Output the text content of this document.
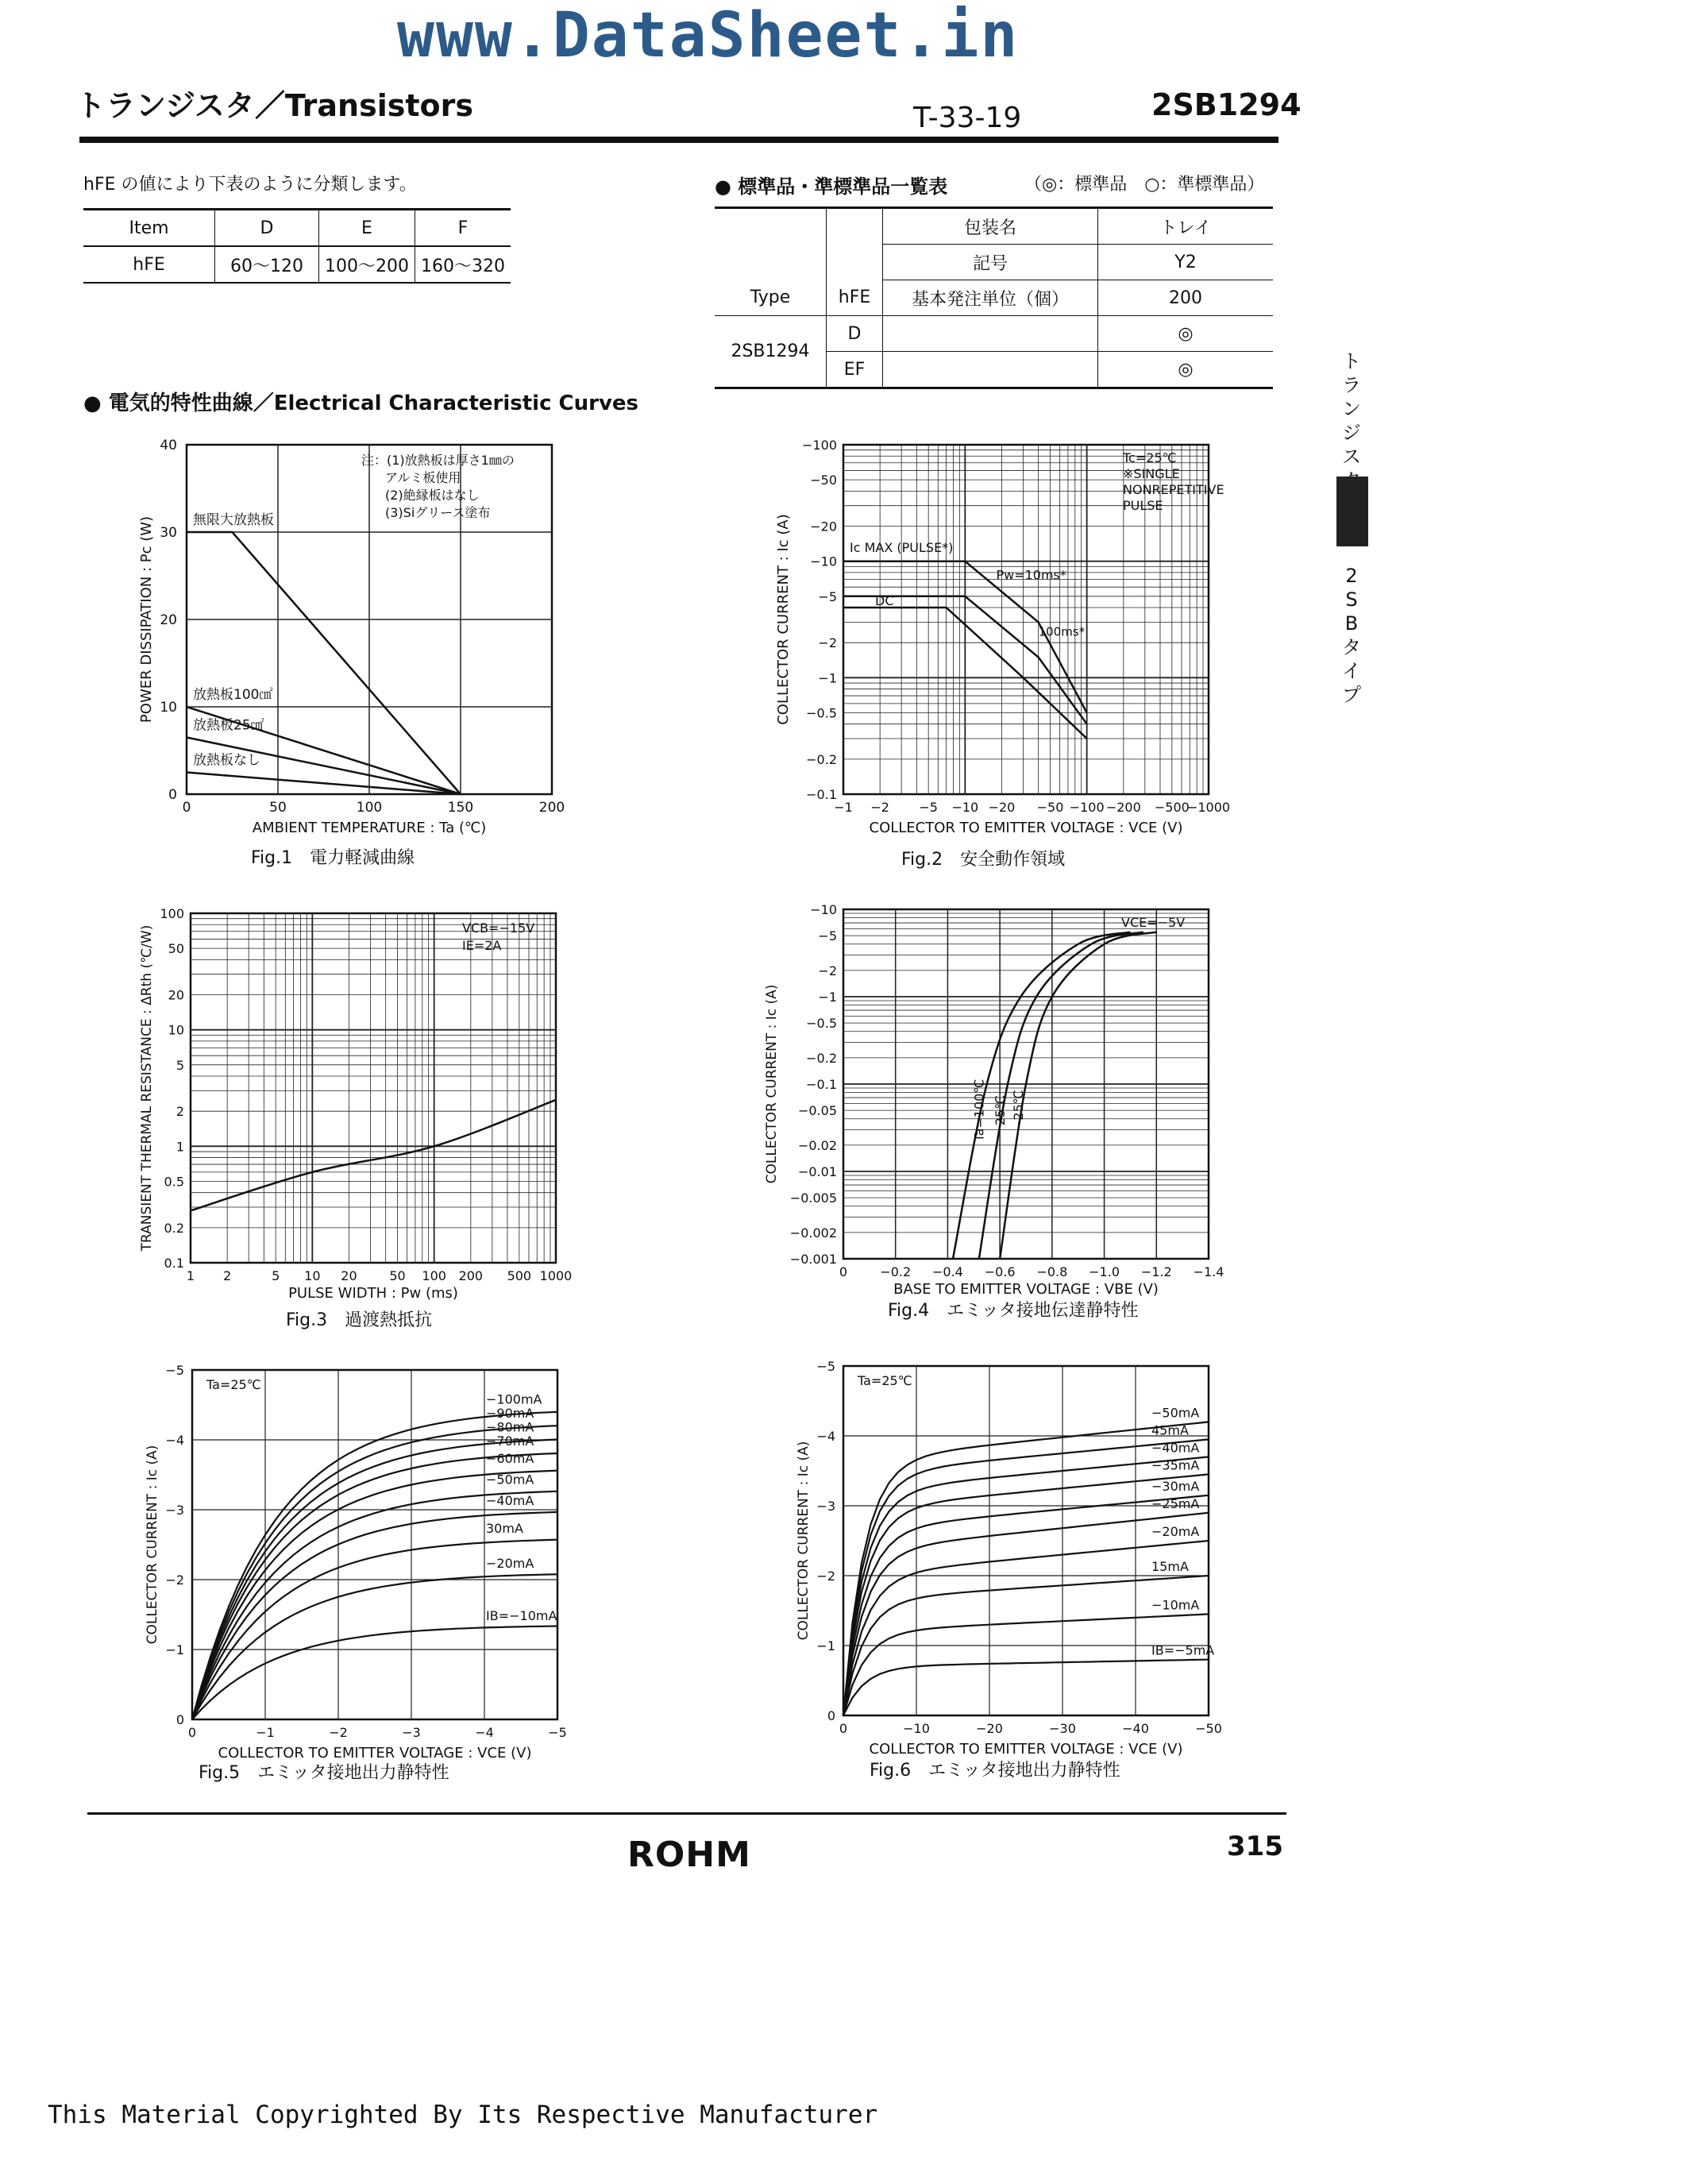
www.DataSheet.in
トランジスタ／Transistors	T-33-19	2SB1294
hFE の値により下表のように分類します。
Item	D	E	F
hFE	60～120	100～200	160～320
● 標準品・準標準品一覧表	（◎：標準品　○：準標準品）
		包装名	トレイ
		記号	Y2
Type	hFE	基本発注単位（個）	200
2SB1294	D		◎
	EF		◎	ト
ラ
ン
ジ
ス
2
S
B
タ
イ
プ
● 電気的特性曲線／Electrical Characteristic Curves
0	50	100	150	200
0
10
20
30
40
AMBIENT TEMPERATURE : Ta (℃)
POWER DISSIPATION : Pc (W)	無限大放熱板
放熱板100㎠
放熱板25㎠
放熱板なし
注：(1)放熱板は厚さ1㎜の
アルミ板使用
(2)絶縁板はなし
(3)Siグリース塗布
−1 −2 −5 −10 −20 −50 −100 −200 −500
−1000
−0.1
−0.2
−0.5
−1
−2
−5
−10
−20
−50
−100
COLLECTOR TO EMITTER VOLTAGE : VCE (V)
COLLECTOR CURRENT : Ic (A)
Tc=25℃
※SINGLE
NONREPETITIVE
PULSE
Ic MAX (PULSE*)
Pw=10ms*
DC
100ms*
1 2	5 10 20	50 100 200 500 1000
0.1
0.2
0.5
1
2
5
10
20
50
100
PULSE WIDTH : Pw (ms)
TRANSIENT THERMAL RESISTANCE : ΔRth (℃/W)	VCB=−15V
IE=2A
0	−0.2 −0.4 −0.6 −0.8 −1.0 −1.2 −1.4
−0.001
−0.002
−0.005
−0.01
−0.02
−0.05
−0.1
−0.2
−0.5
−1
−2
−5
−10
BASE TO EMITTER VOLTAGE : VBE (V)
COLLECTOR CURRENT : Ic (A)	Ta=100℃ 25℃ −25℃
VCE=−5V
0	−1	−2	−3	−4	−5
0
−1
−2
−3
−4
−5
COLLECTOR TO EMITTER VOLTAGE : VCE (V)
COLLECTOR CURRENT : Ic (A)	IB=−10mA
−20mA
30mA
−40mA
−50mA
−60mA
−70mA
−80mA
−90mA
−100mA
Ta=25℃
0	−10	−20	−30	−40	−50
0
−1
−2
−3
−4
−5
COLLECTOR TO EMITTER VOLTAGE : VCE (V)
COLLECTOR CURRENT : Ic (A)
IB=−5mA
−10mA
15mA
−20mA
−25mA
−30mA
−35mA
−40mA
45mA
−50mA
Ta=25℃
Fig.1　電力軽減曲線	Fig.2　安全動作領域
Fig.3　過渡熱抵抗	Fig.4　エミッタ接地伝達静特性
Fig.5　エミッタ接地出力静特性	Fig.6　エミッタ接地出力静特性
ROHM	315
This Material Copyrighted By Its Respective Manufacturer
